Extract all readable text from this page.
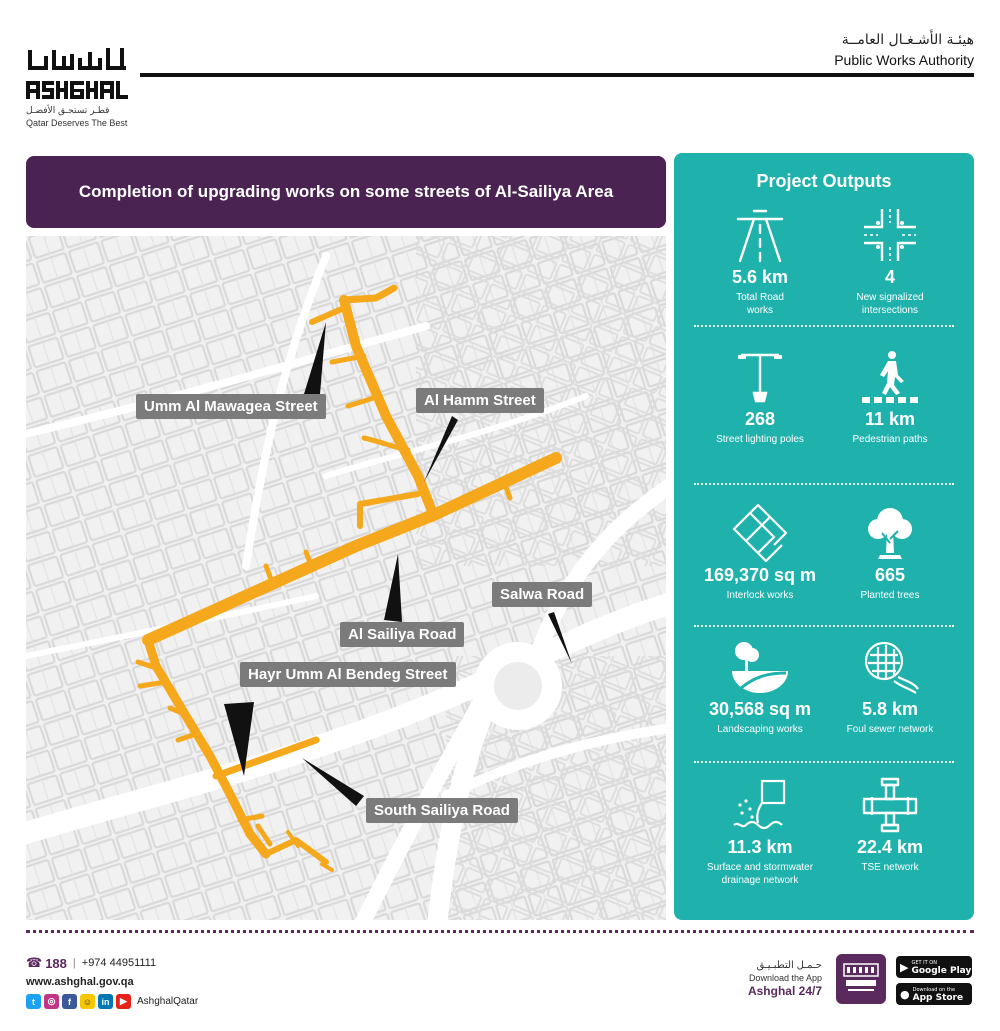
قطـر تستحـق الأفضـل
Qatar Deserves The Best
هيئـة الأشـغـال العامــة
Public Works Authority
Completion of upgrading works on some streets of Al-Sailiya Area
Umm Al Mawagea Street	Al Hamm Street
Salwa Road
Al Sailiya Road
Hayr Umm Al Bendeg Street
South Sailiya Road
Project Outputs
5.6 km
Total Road works
4
New signalized intersections
268
Street lighting poles
11 km
Pedestrian paths
169,370 sq m
Interlock works
665
Planted trees
30,568 sq m
Landscaping works
5.8 km
Foul sewer network
11.3 km
Surface and stormwater drainage network
22.4 km
TSE network
☎ 188 | +974 44951111
www.ashghal.gov.qa
t	◎	f	☺	in	▶	AshghalQatar
حـمـل التطبـيـق
Download the App
Ashghal 24/7
▶ GET IT ON
Google Play
● Download on the
App Store
